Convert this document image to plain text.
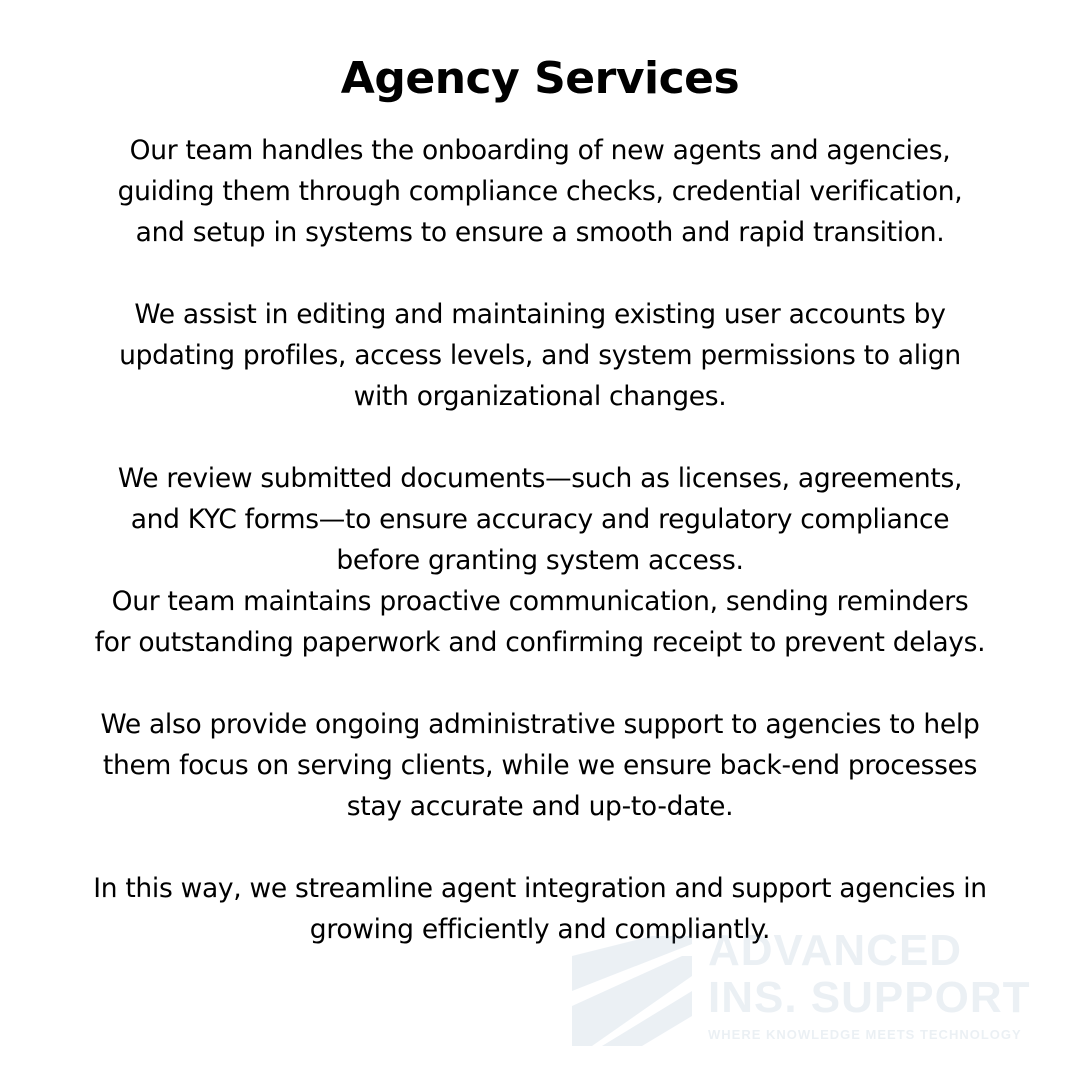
Agency Services
Our team handles the onboarding of new agents and agencies,
guiding them through compliance checks, credential verification,
and setup in systems to ensure a smooth and rapid transition.
We assist in editing and maintaining existing user accounts by
updating profiles, access levels, and system permissions to align
with organizational changes.
We review submitted documents—such as licenses, agreements,
and KYC forms—to ensure accuracy and regulatory compliance
before granting system access.
Our team maintains proactive communication, sending reminders
for outstanding paperwork and confirming receipt to prevent delays.
We also provide ongoing administrative support to agencies to help
them focus on serving clients, while we ensure back-end processes
stay accurate and up-to-date.
In this way, we streamline agent integration and support agencies in
growing efficiently and compliantly.
ADVANCED
INS. SUPPORT
WHERE KNOWLEDGE MEETS TECHNOLOGY
